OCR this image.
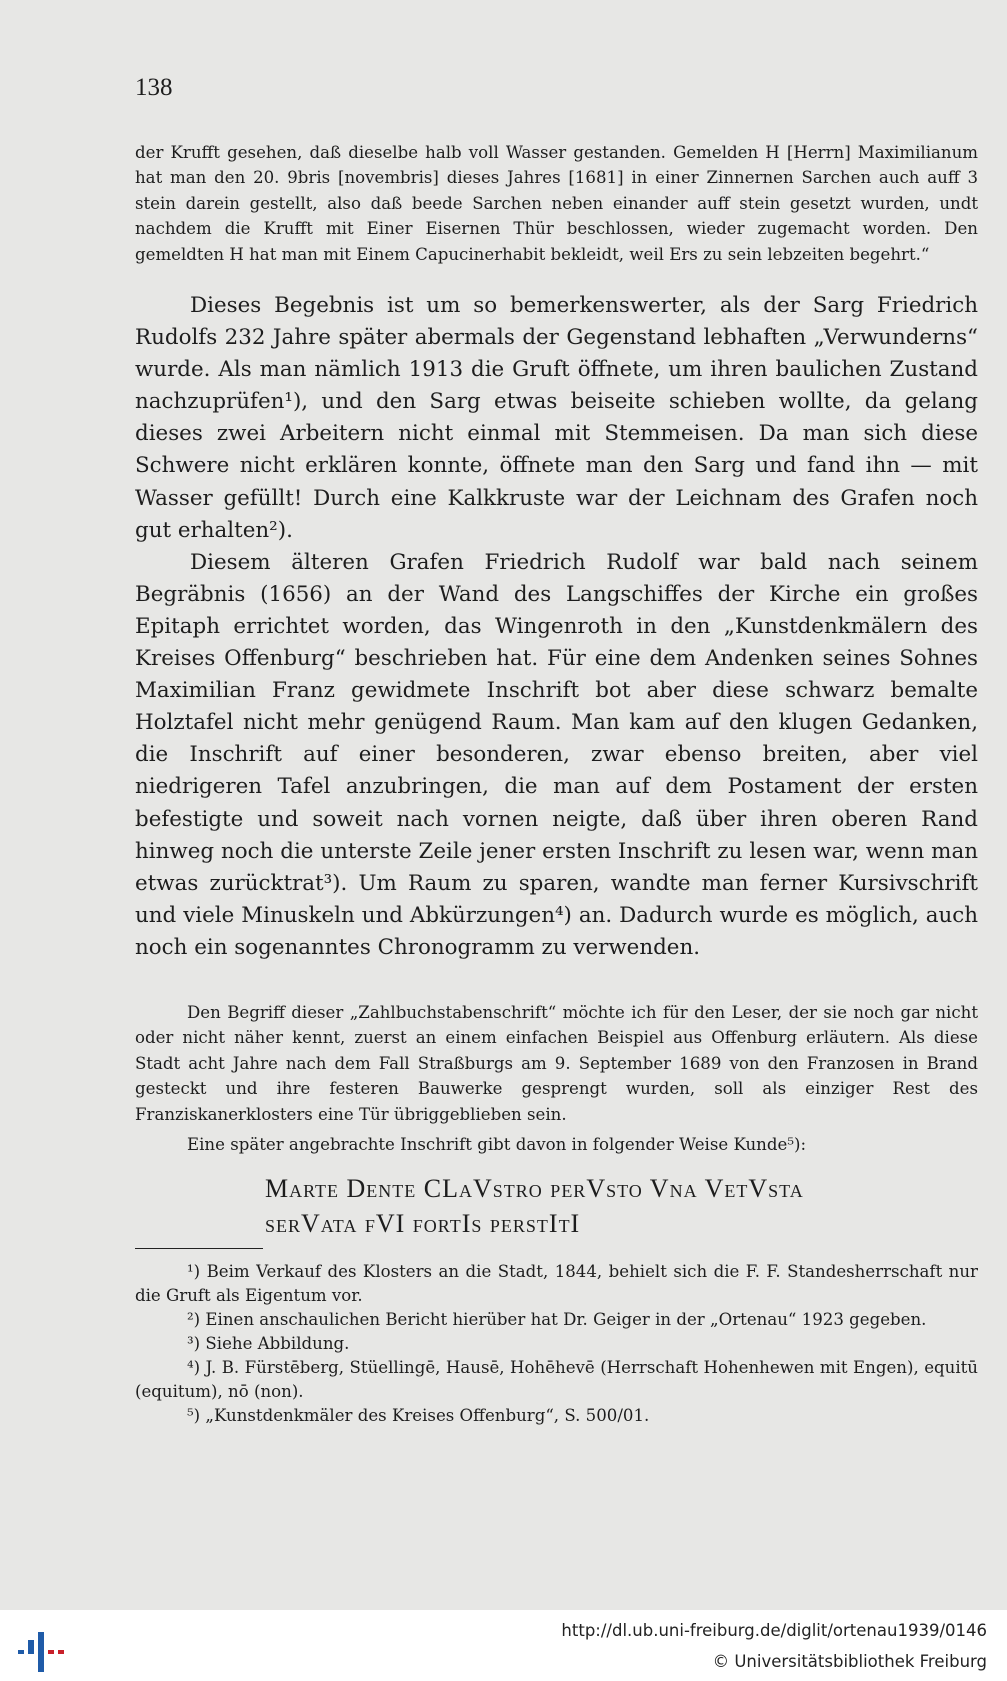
138

der Krufft gesehen, daß dieselbe halb voll Wasser gestanden. Gemelden H [Herrn] Maximilianum hat man den 20. 9bris [novembris] dieses Jahres [1681] in einer Zinnernen Sarchen auch auff 3 stein darein gestellt, also daß beede Sarchen neben einander auff stein gesetzt wurden, undt nachdem die Krufft mit Einer Eisernen Thür beschlossen, wieder zugemacht worden. Den gemeldten H hat man mit Einem Capucinerhabit bekleidt, weil Ers zu sein lebzeiten begehrt.“

Dieses Begebnis ist um so bemerkenswerter, als der Sarg Friedrich Rudolfs 232 Jahre später abermals der Gegenstand lebhaften „Verwunderns“ wurde. Als man nämlich 1913 die Gruft öffnete, um ihren baulichen Zustand nachzuprüfen¹), und den Sarg etwas beiseite schieben wollte, da gelang dieses zwei Arbeitern nicht einmal mit Stemmeisen. Da man sich diese Schwere nicht erklären konnte, öffnete man den Sarg und fand ihn — mit Wasser gefüllt! Durch eine Kalkkruste war der Leichnam des Grafen noch gut erhalten²).

Diesem älteren Grafen Friedrich Rudolf war bald nach seinem Begräbnis (1656) an der Wand des Langschiffes der Kirche ein großes Epitaph errichtet worden, das Wingenroth in den „Kunstdenkmälern des Kreises Offenburg“ beschrieben hat. Für eine dem Andenken seines Sohnes Maximilian Franz gewidmete Inschrift bot aber diese schwarz bemalte Holztafel nicht mehr genügend Raum. Man kam auf den klugen Gedanken, die Inschrift auf einer besonderen, zwar ebenso breiten, aber viel niedrigeren Tafel anzubringen, die man auf dem Postament der ersten befestigte und soweit nach vornen neigte, daß über ihren oberen Rand hinweg noch die unterste Zeile jener ersten Inschrift zu lesen war, wenn man etwas zurücktrat³). Um Raum zu sparen, wandte man ferner Kursivschrift und viele Minuskeln und Abkürzungen⁴) an. Dadurch wurde es möglich, auch noch ein sogenanntes Chronogramm zu verwenden.

Den Begriff dieser „Zahlbuchstabenschrift“ möchte ich für den Leser, der sie noch gar nicht oder nicht näher kennt, zuerst an einem einfachen Beispiel aus Offenburg erläutern. Als diese Stadt acht Jahre nach dem Fall Straßburgs am 9. September 1689 von den Franzosen in Brand gesteckt und ihre festeren Bauwerke gesprengt wurden, soll als einziger Rest des Franziskanerklosters eine Tür übriggeblieben sein.

Eine später angebrachte Inschrift gibt davon in folgender Weise Kunde⁵):

Marte Dente CLaVstro perVsto Vna VetVsta

serVata fVI fortIs perstItI

¹) Beim Verkauf des Klosters an die Stadt, 1844, behielt sich die F. F. Standesherrschaft nur die Gruft als Eigentum vor.

²) Einen anschaulichen Bericht hierüber hat Dr. Geiger in der „Ortenau“ 1923 gegeben.

³) Siehe Abbildung.

⁴) J. B. Fürstēberg, Stüellingē, Hausē, Hohēhevē (Herrschaft Hohenhewen mit Engen), equitū (equitum), nō (non).

⁵) „Kunstdenkmäler des Kreises Offenburg“, S. 500/01.

http://dl.ub.uni-freiburg.de/diglit/ortenau1939/0146
© Universitätsbibliothek Freiburg
